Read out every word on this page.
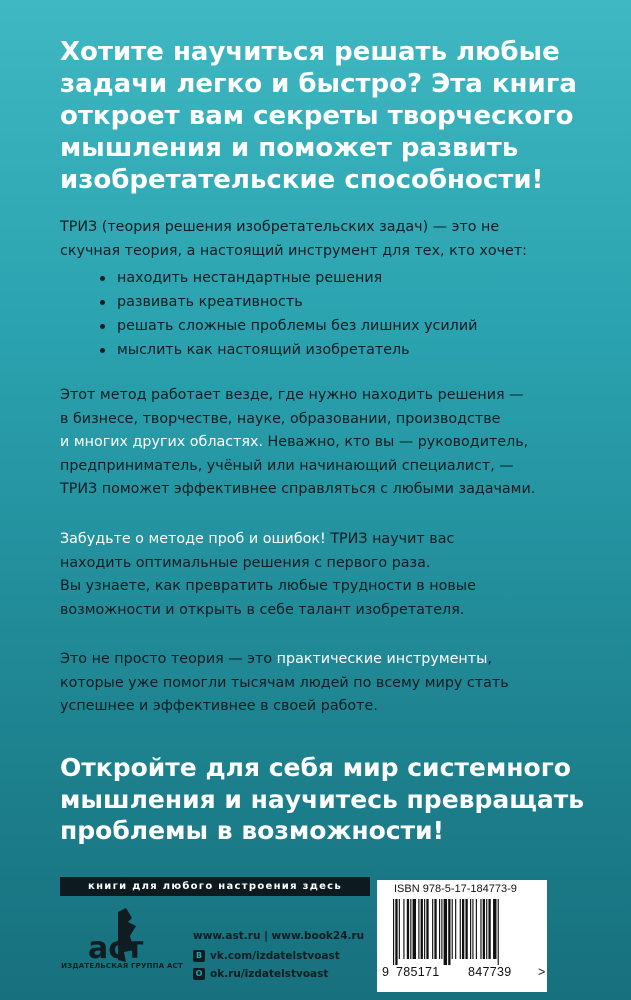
Хотите научиться решать любые
задачи легко и быстро? Эта книга
откроет вам секреты творческого
мышления и поможет развить
изобретательские способности!

ТРИЗ (теория решения изобретательских задач) — это не

скучная теория, а настоящий инструмент для тех, кто хочет:

находить нестандартные решения
развивать креативность
решать сложные проблемы без лишних усилий
мыслить как настоящий изобретатель

Этот метод работает везде, где нужно находить решения —

в бизнесе, творчестве, науке, образовании, производстве

и многих других областях. Неважно, кто вы — руководитель,

предприниматель, учёный или начинающий специалист, —

ТРИЗ поможет эффективнее справляться с любыми задачами.

Забудьте о методе проб и ошибок! ТРИЗ научит вас

находить оптимальные решения с первого раза.

Вы узнаете, как превратить любые трудности в новые

возможности и открыть в себе талант изобретателя.

Это не просто теория — это практические инструменты,

которые уже помогли тысячам людей по всему миру стать

успешнее и эффективнее в своей работе.

Откройте для себя мир системного
мышления и научитесь превращать
проблемы в возможности!
книги для любого настроения здесь
аст
ИЗДАТЕЛЬСКАЯ ГРУППА АСТ
www.ast.ru | www.book24.ru
В vk.com/izdatelstvoast
О ok.ru/izdatelstvoast
ISBN 978-5-17-184773-9
9 785171 847739 >
